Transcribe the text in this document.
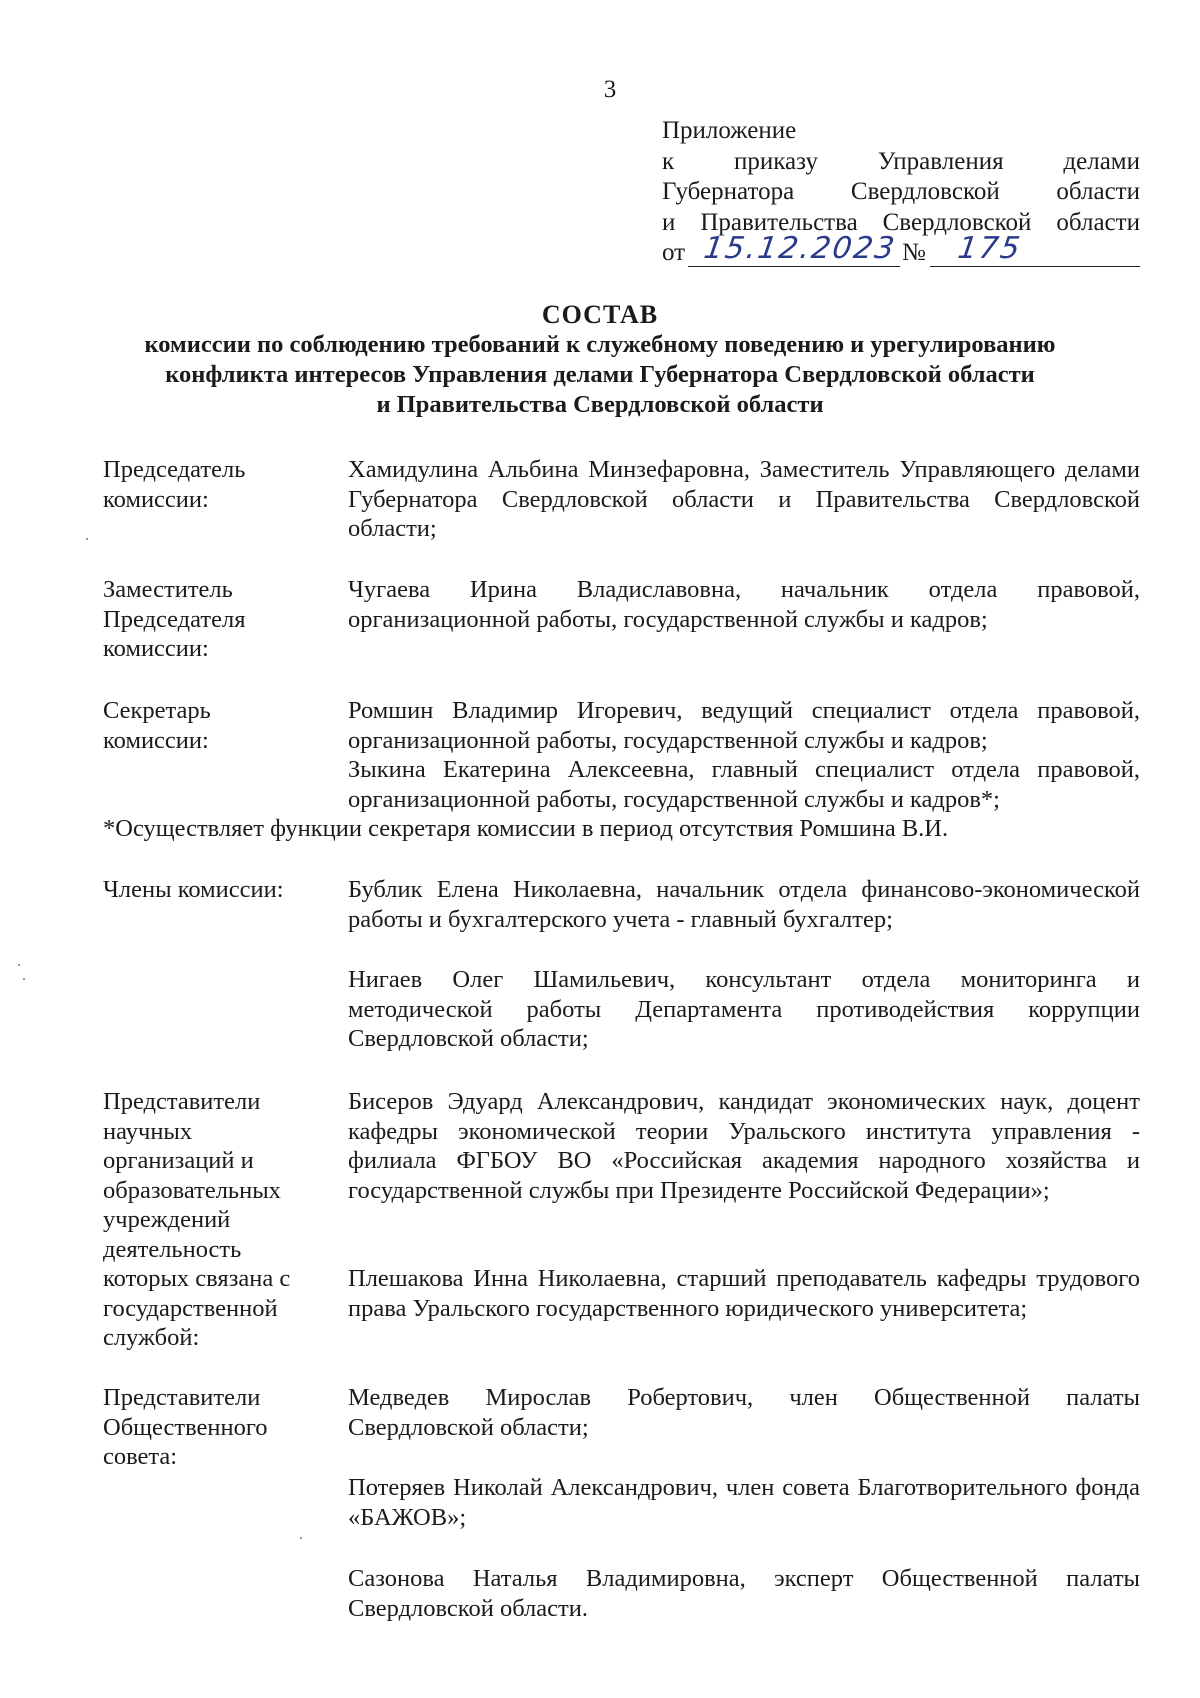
3
Приложение
к приказу Управления делами
Губернатора Свердловской области
и Правительства Свердловской области
от 15.12.2023 № 175
СОСТАВ
комиссии по соблюдению требований к служебному поведению и урегулированию
конфликта интересов Управления делами Губернатора Свердловской области
и Правительства Свердловской области
Председатель комиссии:
Хамидулина Альбина Минзефаровна, Заместитель Управляющего делами Губернатора Свердловской области и Правительства Свердловской области;
Заместитель Председателя комиссии:
Чугаева Ирина Владиславовна, начальник отдела правовой, организационной работы, государственной службы и кадров;
Секретарь комиссии:
Ромшин Владимир Игоревич, ведущий специалист отдела правовой, организационной работы, государственной службы и кадров;
Зыкина Екатерина Алексеевна, главный специалист отдела правовой, организационной работы, государственной службы и кадров*;
*Осуществляет функции секретаря комиссии в период отсутствия Ромшина В.И.
Члены комиссии:	Бублик Елена Николаевна, начальник отдела финансово-экономической работы и бухгалтерского учета - главный бухгалтер;
Нигаев Олег Шамильевич, консультант отдела мониторинга и методической работы Департамента противодействия коррупции Свердловской области;
Представители научных организаций и образовательных учреждений деятельность которых связана с государственной службой:
Бисеров Эдуард Александрович, кандидат экономических наук, доцент кафедры экономической теории Уральского института управления - филиала ФГБОУ ВО «Российская академия народного хозяйства и государственной службы при Президенте Российской Федерации»;
Плешакова Инна Николаевна, старший преподаватель кафедры трудового права Уральского государственного юридического университета;
Представители Общественного совета:
Медведев Мирослав Робертович, член Общественной палаты Свердловской области;
Потеряев Николай Александрович, член совета Благотворительного фонда «БАЖОВ»;
Сазонова Наталья Владимировна, эксперт Общественной палаты Свердловской области.
